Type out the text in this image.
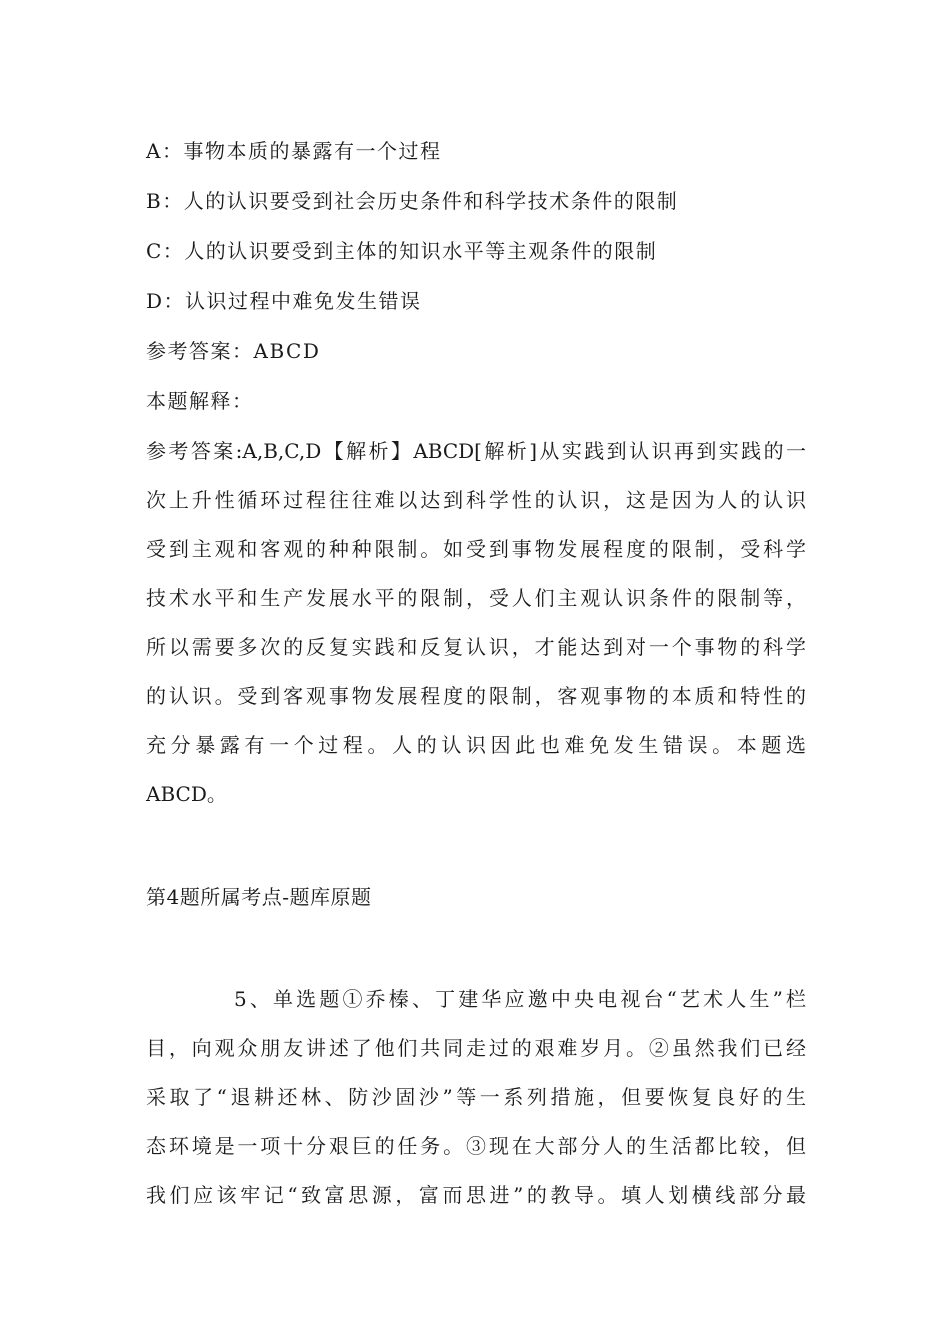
A：事物本质的暴露有一个过程
B：人的认识要受到社会历史条件和科学技术条件的限制
C：人的认识要受到主体的知识水平等主观条件的限制
D：认识过程中难免发生错误
参考答案：ABCD
本题解释：
参考答案:A,B,C,D【解析】ABCD[解析]从实践到认识再到实践的一
次上升性循环过程往往难以达到科学性的认识，这是因为人的认识
受到主观和客观的种种限制。如受到事物发展程度的限制，受科学
技术水平和生产发展水平的限制，受人们主观认识条件的限制等，
所以需要多次的反复实践和反复认识，才能达到对一个事物的科学
的认识。受到客观事物发展程度的限制，客观事物的本质和特性的
充分暴露有一个过程。人的认识因此也难免发生错误。本题选
ABCD。
第4题所属考点-题库原题
5、单选题①乔榛、丁建华应邀中央电视台“艺术人生”栏
目，向观众朋友讲述了他们共同走过的艰难岁月。②虽然我们已经
采取了“退耕还林、防沙固沙”等一系列措施，但要恢复良好的生
态环境是一项十分艰巨的任务。③现在大部分人的生活都比较，但
我们应该牢记“致富思源，富而思进”的教导。填人划横线部分最
